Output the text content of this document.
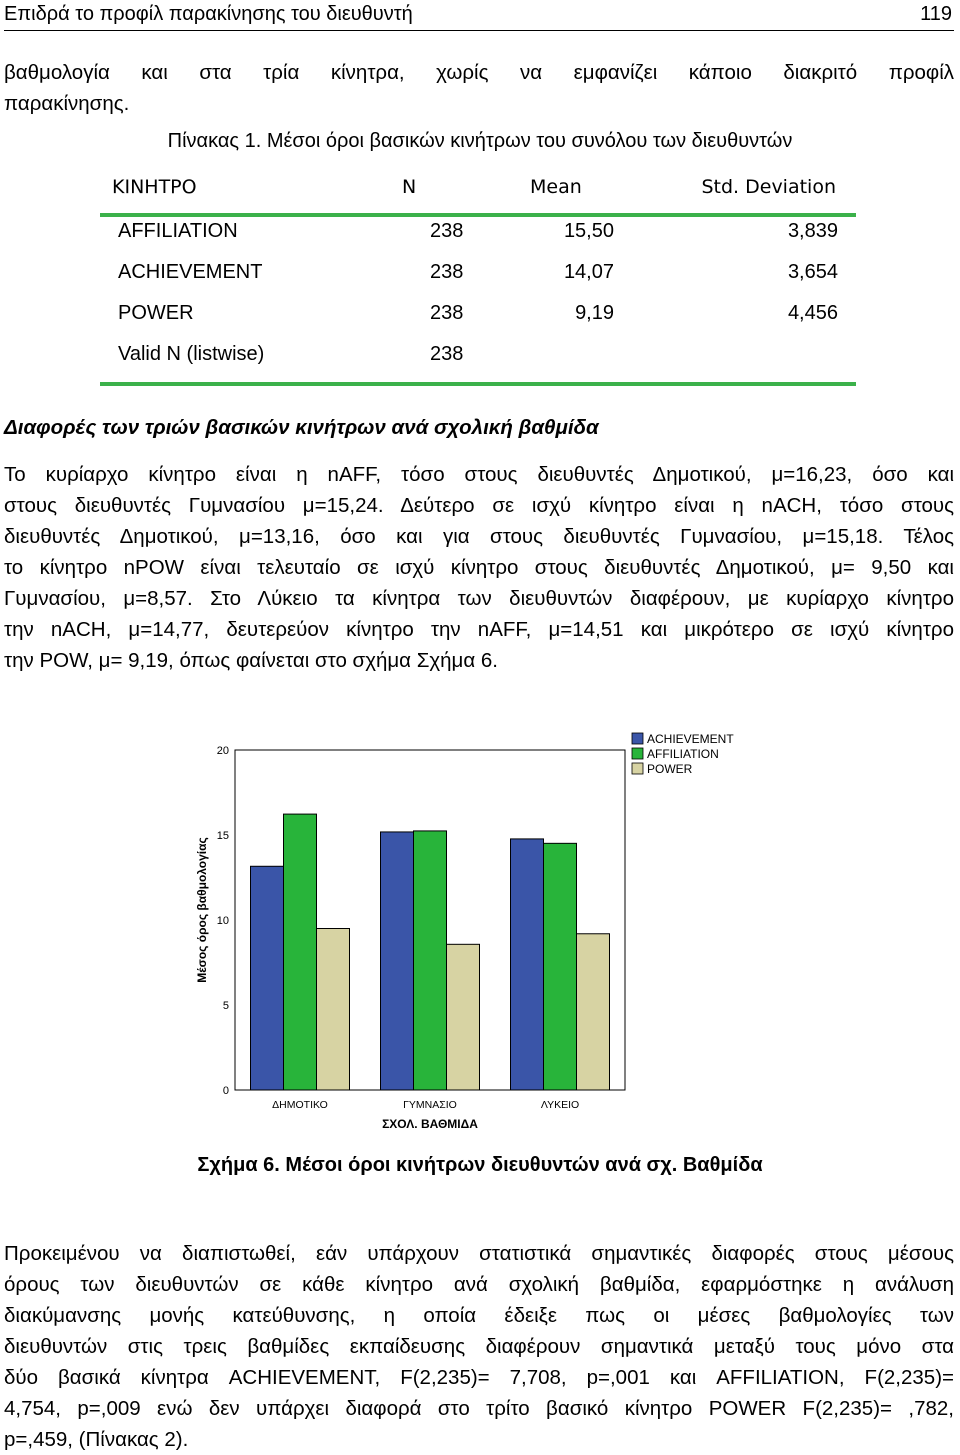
Επιδρά το προφίλ παρακίνησης του διευθυντή	119
βαθμολογία και στα τρία κίνητρα, χωρίς να εμφανίζει κάποιο διακριτό προφίλ
παρακίνησης.
Πίνακας 1. Μέσοι όροι βασικών κινήτρων του συνόλου των διευθυντών
ΚΙΝΗΤΡΟ	N	Mean	Std. Deviation
AFFILIATION	238	15,50	3,839
ACHIEVEMENT	238	14,07	3,654
POWER	238	9,19	4,456
Valid N (listwise)	238
Διαφορές των τριών βασικών κινήτρων ανά σχολική βαθμίδα
Το κυρίαρχο κίνητρο είναι η nAFF, τόσο στους διευθυντές Δημοτικού, μ=16,23, όσο και
στους διευθυντές Γυμνασίου μ=15,24. Δεύτερο σε ισχύ κίνητρο είναι η nACH, τόσο στους
διευθυντές Δημοτικού, μ=13,16, όσο και για στους διευθυντές Γυμνασίου, μ=15,18. Τέλος
το κίνητρο nPOW είναι τελευταίο σε ισχύ κίνητρο στους διευθυντές Δημοτικού, μ= 9,50 και
Γυμνασίου, μ=8,57. Στο Λύκειο τα κίνητρα των διευθυντών διαφέρουν, με κυρίαρχο κίνητρο
την nACH, μ=14,77, δευτερεύον κίνητρο την nAFF, μ=14,51 και μικρότερο σε ισχύ κίνητρο
την POW, μ= 9,19, όπως φαίνεται στο σχήμα Σχήμα 6.
0
5
10
15
20
ΔΗΜΟΤΙΚΟ	ΓΥΜΝΑΣΙΟ	ΛΥΚΕΙΟ
ΣΧΟΛ. ΒΑΘΜΙΔΑ
Μέσος όρος βαθμολογίας
ACHIEVEMENT
AFFILIATION
POWER
Σχήμα 6. Μέσοι όροι κινήτρων διευθυντών ανά σχ. Βαθμίδα
Προκειμένου να διαπιστωθεί, εάν υπάρχουν στατιστικά σημαντικές διαφορές στους μέσους
όρους των διευθυντών σε κάθε κίνητρο ανά σχολική βαθμίδα, εφαρμόστηκε η ανάλυση
διακύμανσης μονής κατεύθυνσης, η οποία έδειξε πως οι μέσες βαθμολογίες των
διευθυντών στις τρεις βαθμίδες εκπαίδευσης διαφέρουν σημαντικά μεταξύ τους μόνο στα
δύο βασικά κίνητρα ACHIEVEMENT, F(2,235)= 7,708, p=,001 και AFFILIATION, F(2,235)=
4,754, p=,009 ενώ δεν υπάρχει διαφορά στο τρίτο βασικό κίνητρο POWER F(2,235)= ,782,
p=,459, (Πίνακας 2).
